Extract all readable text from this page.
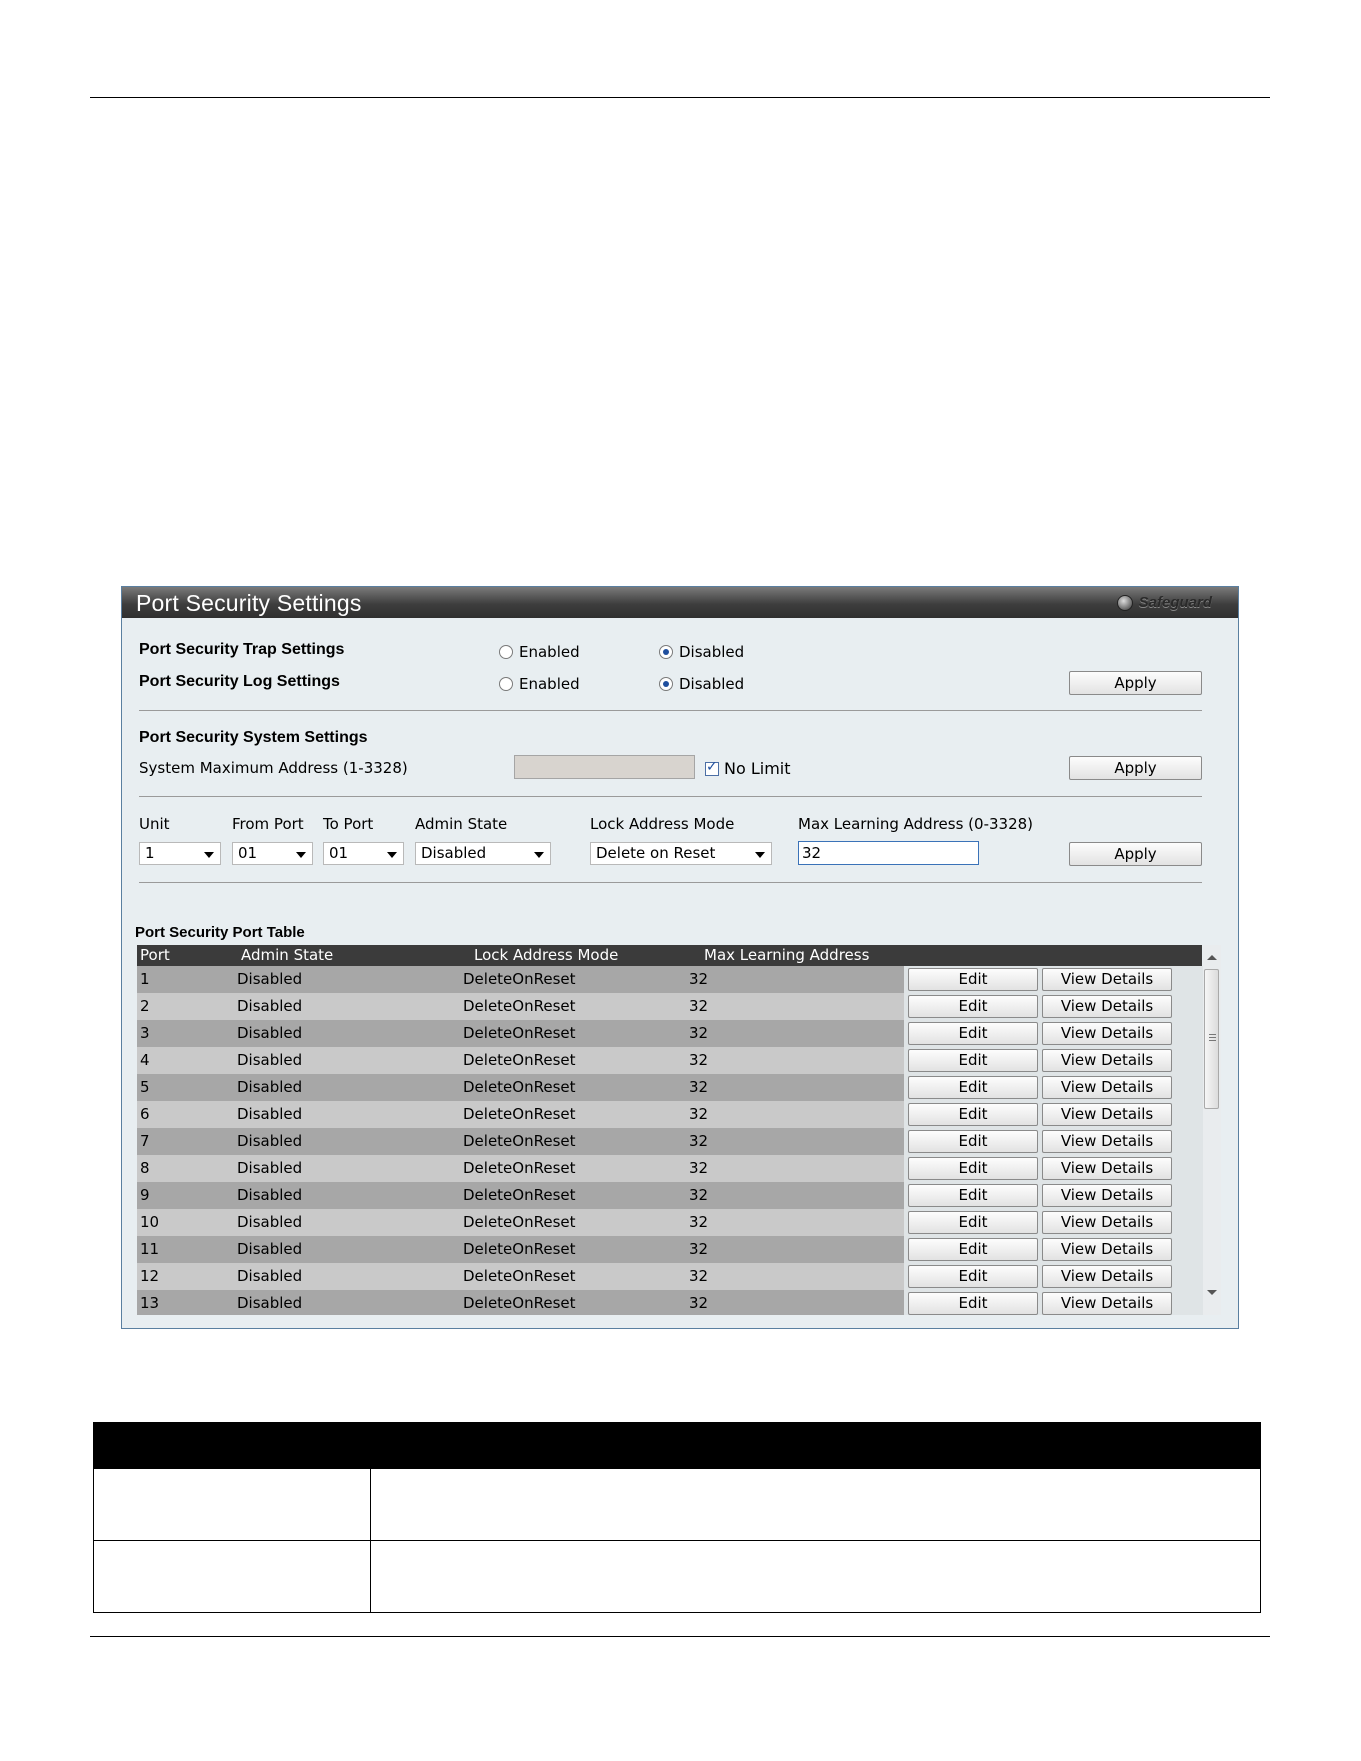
Port Security Settings	Safeguard
Port Security Trap Settings	Enabled	Disabled
Port Security Log Settings	Enabled	Disabled	Apply
Port Security System Settings
System Maximum Address (1-3328)
✓	No Limit	Apply
Unit	From Port To Port	Admin State	Lock Address Mode	Max Learning Address (0-3328)
1	01	01	Disabled	Delete on Reset	32	Apply
Port Security Port Table
Port	Admin State	Lock Address Mode	Max Learning Address
1	Disabled	DeleteOnReset	32	Edit	View Details
2	Disabled	DeleteOnReset	32	Edit	View Details
3	Disabled	DeleteOnReset	32	Edit	View Details
4	Disabled	DeleteOnReset	32	Edit	View Details
5	Disabled	DeleteOnReset	32	Edit	View Details
6	Disabled	DeleteOnReset	32	Edit	View Details
7	Disabled	DeleteOnReset	32	Edit	View Details
8	Disabled	DeleteOnReset	32	Edit	View Details
9	Disabled	DeleteOnReset	32	Edit	View Details
10	Disabled	DeleteOnReset	32	Edit	View Details
11	Disabled	DeleteOnReset	32	Edit	View Details
12	Disabled	DeleteOnReset	32	Edit	View Details
13	Disabled	DeleteOnReset	32	Edit	View Details
